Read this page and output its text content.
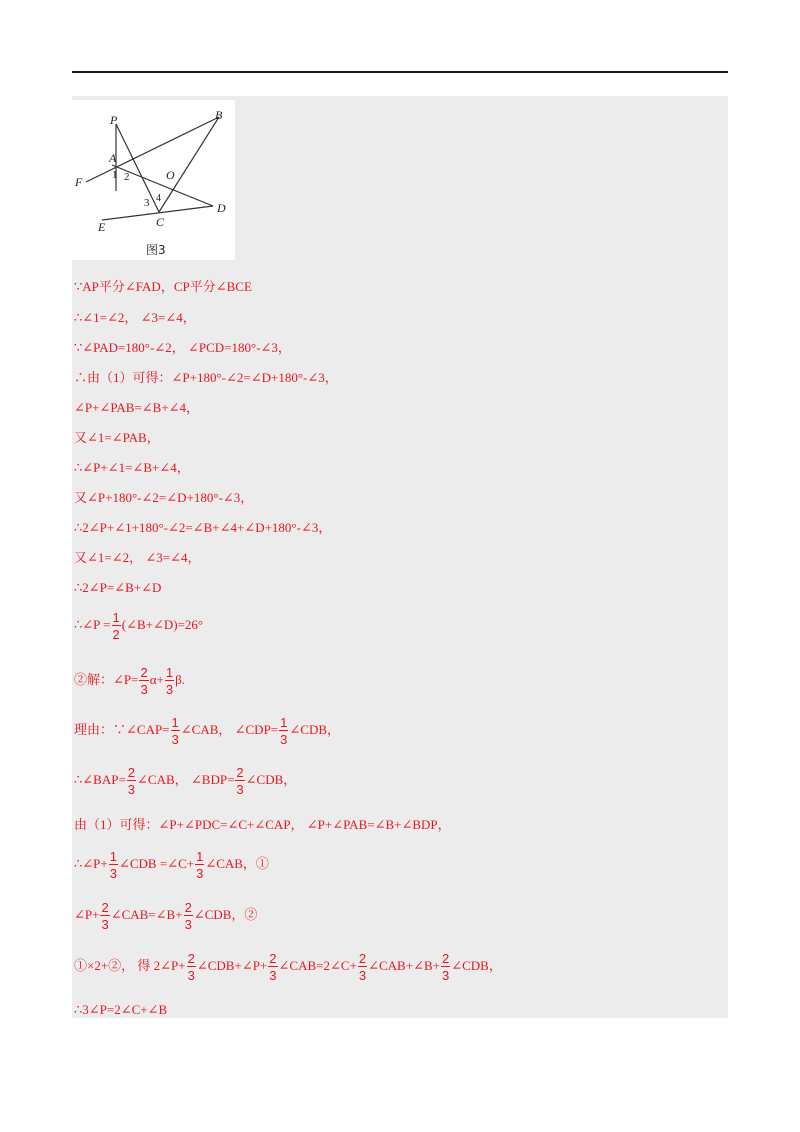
P	B
A
F	O
D
E	C
1 2
3 4
图3
∵AP平分∠FAD，CP平分∠BCE
∴∠1=∠2， ∠3=∠4，
∵∠PAD=180°-∠2， ∠PCD=180°-∠3，
∴由（1）可得：∠P+180°-∠2=∠D+180°-∠3，
∠P+∠PAB=∠B+∠4，
又∠1=∠PAB，
∴∠P+∠1=∠B+∠4，
又∠P+180°-∠2=∠D+180°-∠3，
∴2∠P+∠1+180°-∠2=∠B+∠4+∠D+180°-∠3，
又∠1=∠2， ∠3=∠4，
∴2∠P=∠B+∠D
∴∠P = $\frac{1}{2}$ (∠B+∠D)=26°
②解：∠P= $\frac{2}{3} \alpha+ \frac{1}{3} \beta$.
理由：∵∠CAP= $\frac{1}{3}$ ∠CAB， ∠CDP= $\frac{1}{3}$ ∠CDB，
∴∠BAP= $\frac{2}{3}$ ∠CAB， ∠BDP= $\frac{2}{3}$ ∠CDB，
由（1）可得：∠P+∠PDC=∠C+∠CAP， ∠P+∠PAB=∠B+∠BDP，
∴∠P+ $\frac{1}{3}$ ∠CDB =∠C+ $\frac{1}{3}$ ∠CAB，①
∠P+ $\frac{2}{3}$ ∠CAB=∠B+ $\frac{2}{3}$ ∠CDB，②
①×2+②， 得 2∠P+ $\frac{2}{3}$ ∠CDB+∠P+ $\frac{2}{3}$ ∠CAB=2∠C+ $\frac{2}{3}$ ∠CAB+∠B+ $\frac{2}{3}$ ∠CDB，
∴3∠P=2∠C+∠B
